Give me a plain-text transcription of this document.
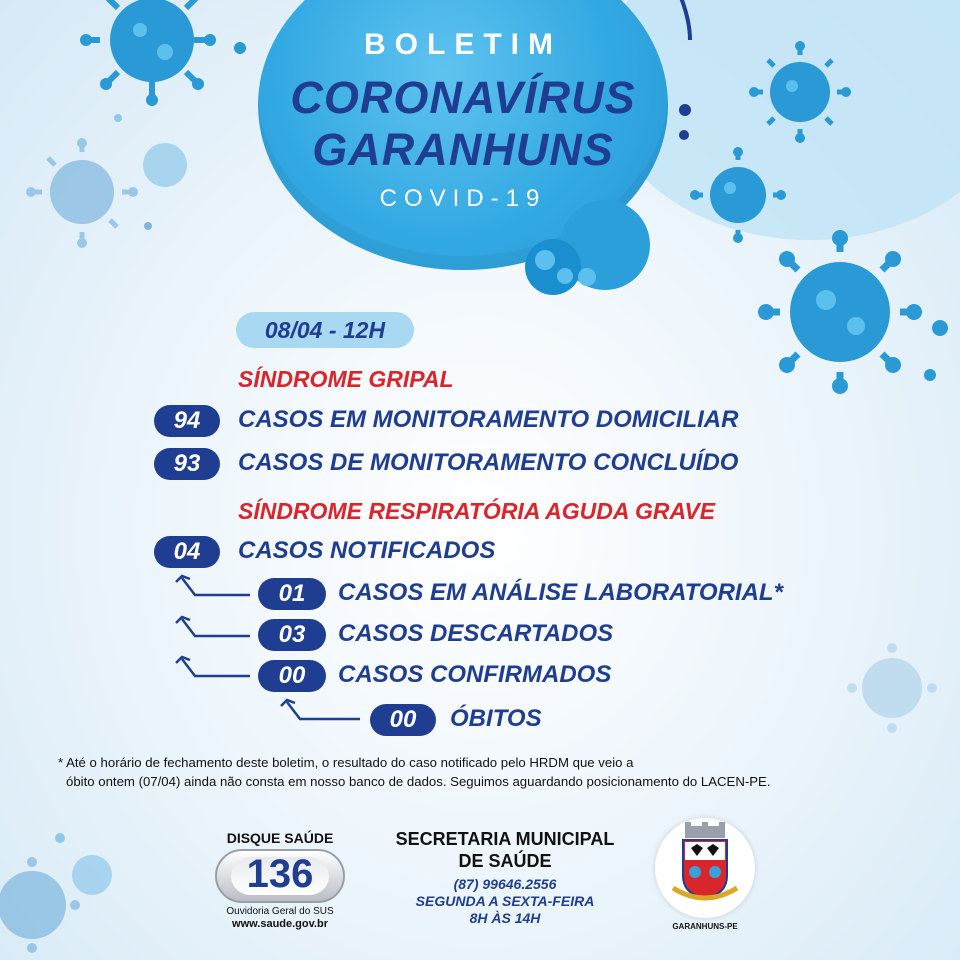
BOLETIM
CORONAVÍRUS
GARANHUNS
COVID-19
08/04 - 12H
SÍNDROME GRIPAL
94	CASOS EM MONITORAMENTO DOMICILIAR
93	CASOS DE MONITORAMENTO CONCLUÍDO
SÍNDROME RESPIRATÓRIA AGUDA GRAVE
04	CASOS NOTIFICADOS
01	CASOS EM ANÁLISE LABORATORIAL*
03	CASOS DESCARTADOS
00	CASOS CONFIRMADOS
00	ÓBITOS
* Até o horário de fechamento deste boletim, o resultado do caso notificado pelo HRDM que veio a
óbito ontem (07/04) ainda não consta em nosso banco de dados. Seguimos aguardando posicionamento do LACEN-PE.
DISQUE SAÚDE
136
Ouvidoria Geral do SUS
www.saude.gov.br
SECRETARIA MUNICIPAL
DE SAÚDE
(87) 99646.2556
SEGUNDA A SEXTA-FEIRA
8H ÀS 14H
GARANHUNS-PE
